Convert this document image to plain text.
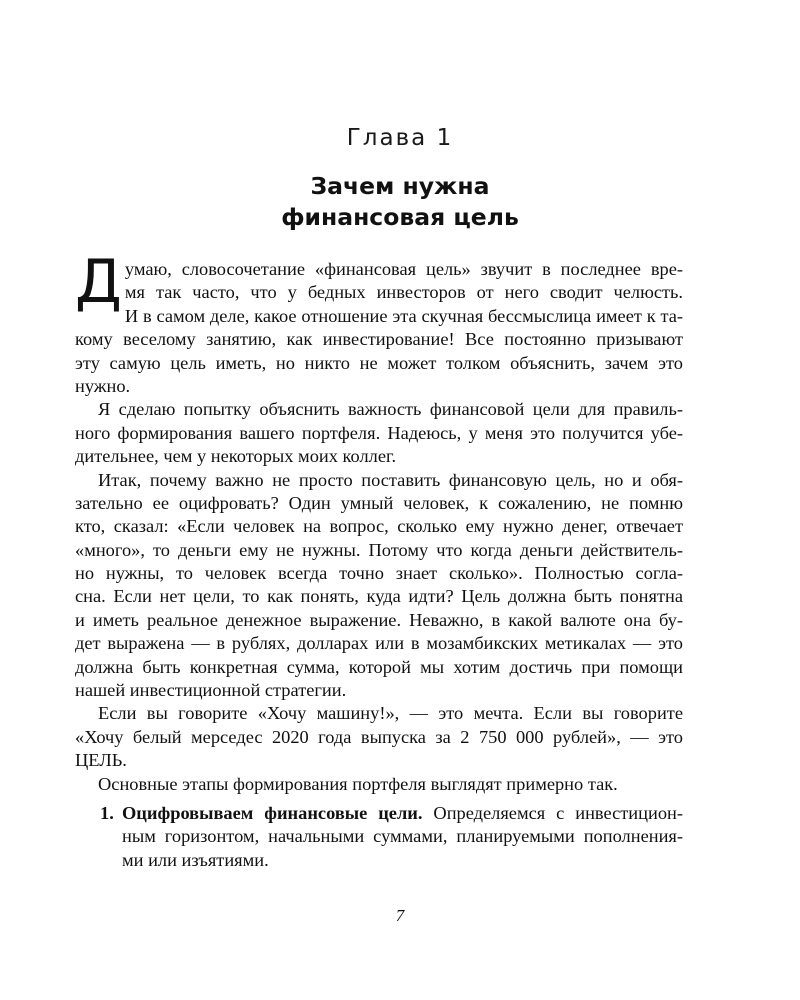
Глава 1
Зачем нужна
финансовая цель
Д умаю, словосочетание «финансовая цель» звучит в последнее вре-
мя так часто, что у бедных инвесторов от него сводит челюсть.
И в самом деле, какое отношение эта скучная бессмыслица имеет к та-
кому веселому занятию, как инвестирование! Все постоянно призывают
эту самую цель иметь, но никто не может толком объяснить, зачем это
нужно.
Я сделаю попытку объяснить важность финансовой цели для правиль-
ного формирования вашего портфеля. Надеюсь, у меня это получится убе-
дительнее, чем у некоторых моих коллег.
Итак, почему важно не просто поставить финансовую цель, но и обя-
зательно ее оцифровать? Один умный человек, к сожалению, не помню
кто, сказал: «Если человек на вопрос, сколько ему нужно денег, отвечает
«много», то деньги ему не нужны. Потому что когда деньги действитель-
но нужны, то человек всегда точно знает сколько». Полностью согла-
сна. Если нет цели, то как понять, куда идти? Цель должна быть понятна
и иметь реальное денежное выражение. Неважно, в какой валюте она бу-
дет выражена — в рублях, долларах или в мозамбикских метикалах — это
должна быть конкретная сумма, которой мы хотим достичь при помощи
нашей инвестиционной стратегии.
Если вы говорите «Хочу машину!», — это мечта. Если вы говорите
«Хочу белый мерседес 2020 года выпуска за 2 750 000 рублей», — это
ЦЕЛЬ.
Основные этапы формирования портфеля выглядят примерно так.
1. Оцифровываем финансовые цели. Определяемся с инвестицион-
ным горизонтом, начальными суммами, планируемыми пополнения-
ми или изъятиями.
7
